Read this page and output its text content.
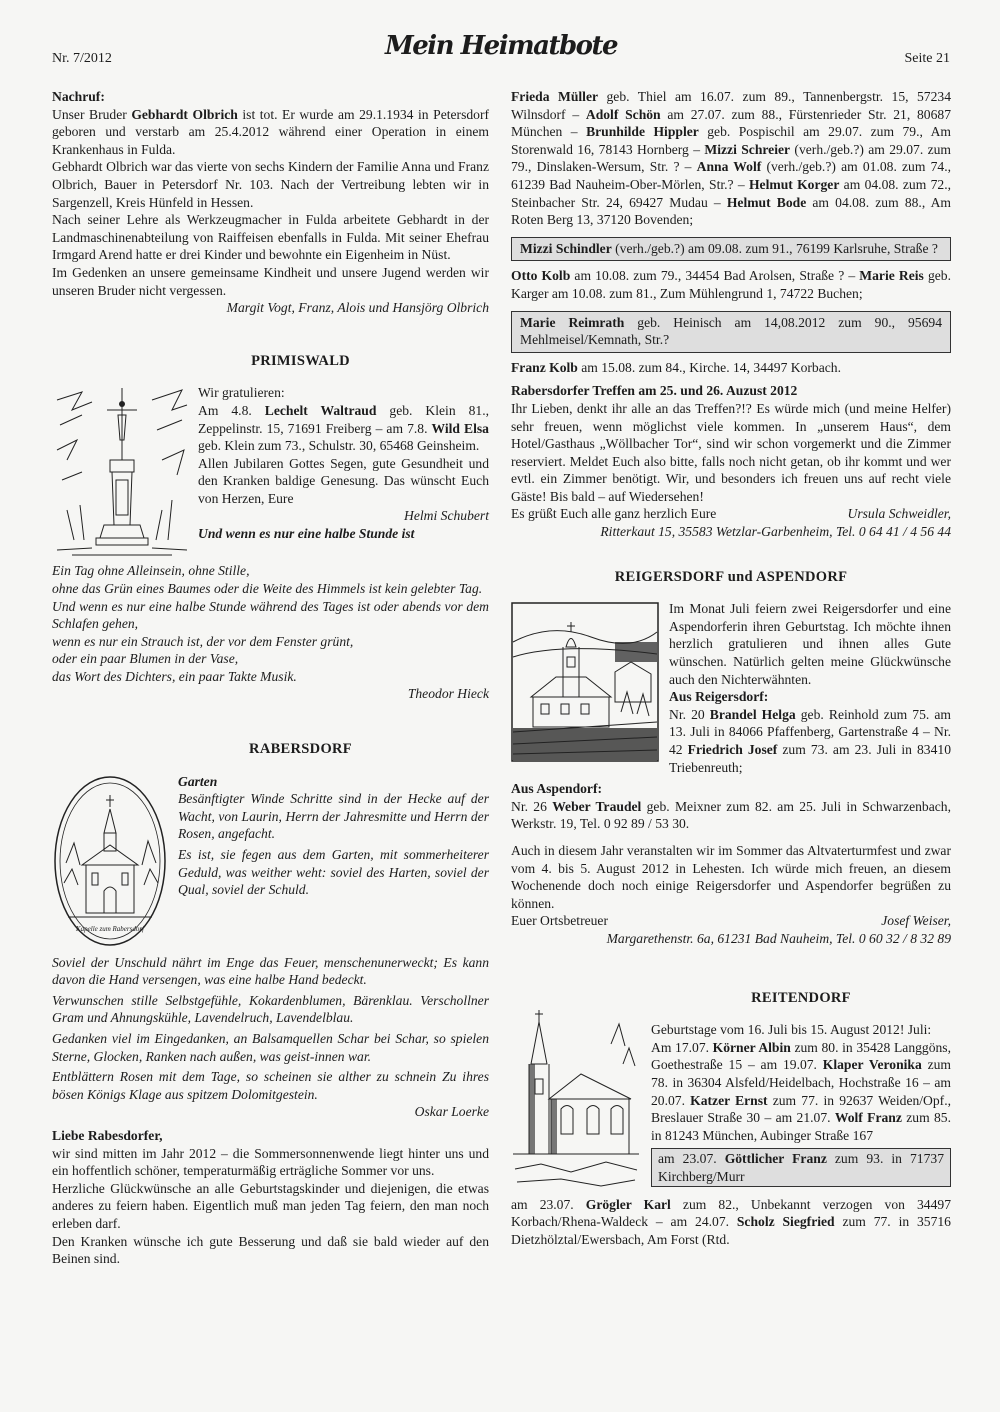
Nr. 7/2012	Mein Heimatbote	Seite 21

Nachruf:

Unser Bruder Gebhardt Olbrich ist tot. Er wurde am 29.1.1934 in Petersdorf geboren und verstarb am 25.4.2012 während einer Operation in einem Krankenhaus in Fulda.

Gebhardt Olbrich war das vierte von sechs Kindern der Familie Anna und Franz Olbrich, Bauer in Petersdorf Nr. 103. Nach der Vertreibung lebten wir in Sargenzell, Kreis Hünfeld in Hessen.

Nach seiner Lehre als Werkzeugmacher in Fulda arbeitete Gebhardt in der Landmaschinenabteilung von Raiffeisen ebenfalls in Fulda. Mit seiner Ehefrau Irmgard Arend hatte er drei Kinder und bewohnte ein Eigenheim in Nüst.

Im Gedenken an unsere gemeinsame Kindheit und unsere Jugend werden wir unseren Bruder nicht vergessen.

Margit Vogt, Franz, Alois und Hansjörg Olbrich

PRIMISWALD

Wir gratulieren:

Am 4.8. Lechelt Waltraud geb. Klein 81., Zeppelinstr. 15, 71691 Freiberg – am 7.8. Wild Elsa geb. Klein zum 73., Schulstr. 30, 65468 Geinsheim.

Allen Jubilaren Gottes Segen, gute Gesundheit und den Kranken baldige Genesung. Das wünscht Euch von Herzen, Eure

Helmi Schubert

Und wenn es nur eine halbe Stunde ist

Ein Tag ohne Alleinsein, ohne Stille,

ohne das Grün eines Baumes oder die Weite des Himmels ist kein gelebter Tag.

Und wenn es nur eine halbe Stunde während des Tages ist oder abends vor dem Schlafen gehen,

wenn es nur ein Strauch ist, der vor dem Fenster grünt,

oder ein paar Blumen in der Vase,

das Wort des Dichters, ein paar Takte Musik.

Theodor Hieck

RABERSDORF

Kapelle zum Rabersdorf

Garten

Besänftigter Winde Schritte sind in der Hecke auf der Wacht, von Laurin, Herrn der Jahresmitte und Herrn der Rosen, angefacht.

Es ist, sie fegen aus dem Garten, mit sommerheiterer Geduld, was weither weht: soviel des Harten, soviel der Qual, soviel der Schuld.

Soviel der Unschuld nährt im Enge das Feuer, menschenunerweckt; Es kann davon die Hand versengen, was eine halbe Hand bedeckt.

Verwunschen stille Selbstgefühle, Kokardenblumen, Bärenklau. Verschollner Gram und Ahnungskühle, Lavendelruch, Lavendelblau.

Gedanken viel im Eingedanken, an Balsamquellen Schar bei Schar, so spielen Sterne, Glocken, Ranken nach außen, was geist-innen war.

Entblättern Rosen mit dem Tage, so scheinen sie alther zu schnein Zu ihres bösen Königs Klage aus spitzem Dolomitgestein.

Oskar Loerke

Liebe Rabesdorfer,

wir sind mitten im Jahr 2012 – die Sommersonnenwende liegt hinter uns und ein hoffentlich schöner, temperaturmäßig erträgliche Sommer vor uns.

Herzliche Glückwünsche an alle Geburtstagskinder und diejenigen, die etwas anderes zu feiern haben. Eigentlich muß man jeden Tag feiern, den man noch erleben darf.

Den Kranken wünsche ich gute Besserung und daß sie bald wieder auf den Beinen sind.

Frieda Müller geb. Thiel am 16.07. zum 89., Tannenbergstr. 15, 57234 Wilnsdorf – Adolf Schön am 27.07. zum 88., Fürstenrieder Str. 21, 80687 München – Brunhilde Hippler geb. Pospischil am 29.07. zum 79., Am Storenwald 16, 78143 Hornberg – Mizzi Schreier (verh./geb.?) am 29.07. zum 79., Dinslaken-Wersum, Str. ? – Anna Wolf (verh./geb.?) am 01.08. zum 74., 61239 Bad Nauheim-Ober-Mörlen, Str.? – Helmut Korger am 04.08. zum 72., Steinbacher Str. 24, 69427 Mudau – Helmut Bode am 04.08. zum 88., Am Roten Berg 13, 37120 Bovenden;

Mizzi Schindler (verh./geb.?) am 09.08. zum 91., 76199 Karlsruhe, Straße ?

Otto Kolb am 10.08. zum 79., 34454 Bad Arolsen, Straße ? – Marie Reis geb. Karger am 10.08. zum 81., Zum Mühlengrund 1, 74722 Buchen;

Marie Reimrath geb. Heinisch am 14,08.2012 zum 90., 95694 Mehlmeisel/Kemnath, Str.?

Franz Kolb am 15.08. zum 84., Kirche. 14, 34497 Korbach.

Rabersdorfer Treffen am 25. und 26. Auzust 2012

Ihr Lieben, denkt ihr alle an das Treffen?!? Es würde mich (und meine Helfer) sehr freuen, wenn möglichst viele kommen. In „unserem Haus“, dem Hotel/Gasthaus „Wöllbacher Tor“, sind wir schon vorgemerkt und die Zimmer reserviert. Meldet Euch also bitte, falls noch nicht getan, ob ihr kommt und wer evtl. ein Zimmer benötigt. Wir, und besonders ich freuen uns auf recht viele Gäste! Bis bald – auf Wiedersehen!

Es grüßt Euch alle ganz herzlich Eure	Ursula Schweidler,

Ritterkaut 15, 35583 Wetzlar-Garbenheim, Tel. 0 64 41 / 4 56 44

REIGERSDORF und ASPENDORF

Im Monat Juli feiern zwei Reigersdorfer und eine Aspendorferin ihren Geburtstag. Ich möchte ihnen herzlich gratulieren und ihnen alles Gute wünschen. Natürlich gelten meine Glückwünsche auch den Nichterwähnten.

Aus Reigersdorf:

Nr. 20 Brandel Helga geb. Reinhold zum 75. am 13. Juli in 84066 Pfaffenberg, Gartenstraße 4 – Nr. 42 Friedrich Josef zum 73. am 23. Juli in 83410 Triebenreuth;

Aus Aspendorf:

Nr. 26 Weber Traudel geb. Meixner zum 82. am 25. Juli in Schwarzenbach, Werkstr. 19, Tel. 0 92 89 / 53 30.

Auch in diesem Jahr veranstalten wir im Sommer das Altvaterturmfest und zwar vom 4. bis 5. August 2012 in Lehesten. Ich würde mich freuen, an diesem Wochenende doch noch einige Reigersdorfer und Aspendorfer begrüßen zu können.

Euer Ortsbetreuer	Josef Weiser,

Margarethenstr. 6a, 61231 Bad Nauheim, Tel. 0 60 32 / 8 32 89

REITENDORF

Geburtstage vom 16. Juli bis 15. August 2012! Juli:

Am 17.07. Körner Albin zum 80. in 35428 Langgöns, Goethestraße 15 – am 19.07. Klaper Veronika zum 78. in 36304 Alsfeld/Heidelbach, Hochstraße 16 – am 20.07. Katzer Ernst zum 77. in 92637 Weiden/Opf., Breslauer Straße 30 – am 21.07. Wolf Franz zum 85. in 81243 München, Aubinger Straße 167

am 23.07. Göttlicher Franz zum 93. in 71737 Kirchberg/Murr

am 23.07. Grögler Karl zum 82., Unbekannt verzogen von 34497 Korbach/Rhena-Waldeck – am 24.07. Scholz Siegfried zum 77. in 35716 Dietzhölztal/Ewersbach, Am Forst (Rtd.
